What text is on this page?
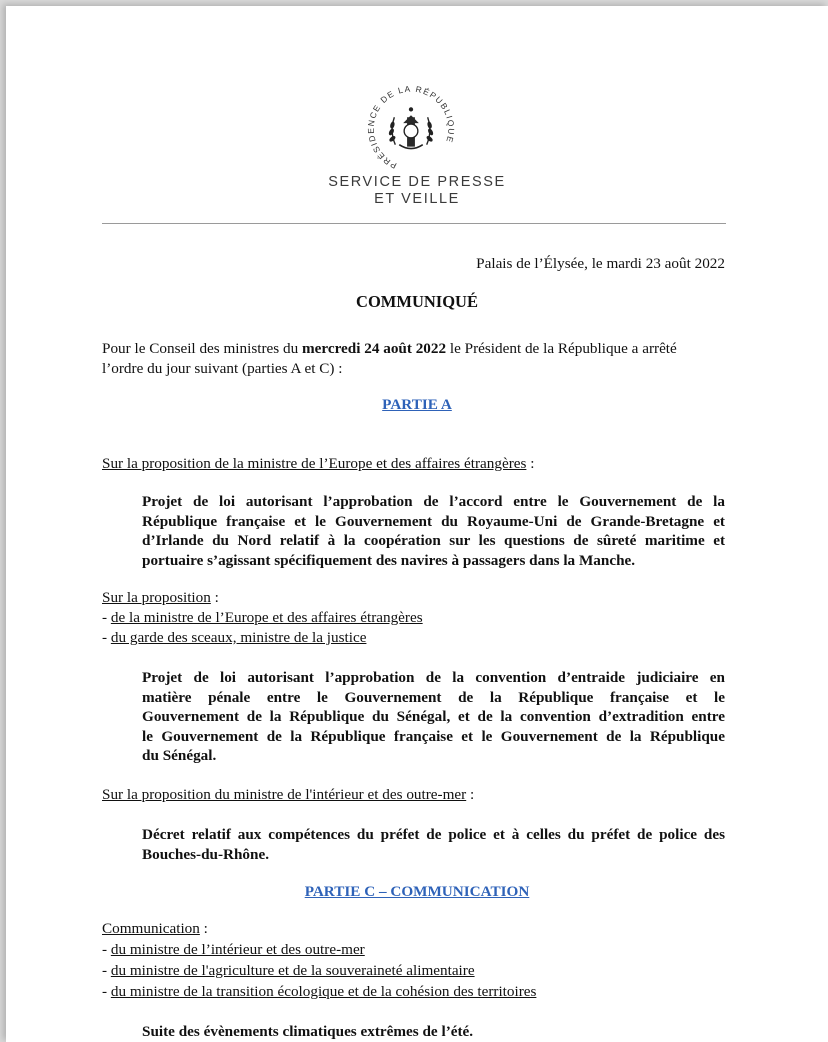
PRÉSIDENCE DE LA RÉPUBLIQUE
SERVICE DE PRESSE
ET VEILLE
Palais de l’Élysée, le mardi 23 août 2022
COMMUNIQUÉ
Pour le Conseil des ministres du mercredi 24 août 2022 le Président de la République a arrêté
l’ordre du jour suivant (parties A et C) :
PARTIE A
Sur la proposition de la ministre de l’Europe et des affaires étrangères :
Projet de loi autorisant l’approbation de l’accord entre le Gouvernement de la
République française et le Gouvernement du Royaume-Uni de Grande-Bretagne et
d’Irlande du Nord relatif à la coopération sur les questions de sûreté maritime et
portuaire s’agissant spécifiquement des navires à passagers dans la Manche.
Sur la proposition :
- de la ministre de l’Europe et des affaires étrangères
- du garde des sceaux, ministre de la justice
Projet de loi autorisant l’approbation de la convention d’entraide judiciaire en
matière pénale entre le Gouvernement de la République française et le
Gouvernement de la République du Sénégal, et de la convention d’extradition entre
le Gouvernement de la République française et le Gouvernement de la République
du Sénégal.
Sur la proposition du ministre de l'intérieur et des outre-mer :
Décret relatif aux compétences du préfet de police et à celles du préfet de police des
Bouches-du-Rhône.
PARTIE C – COMMUNICATION
Communication :
- du ministre de l’intérieur et des outre-mer
- du ministre de l'agriculture et de la souveraineté alimentaire
- du ministre de la transition écologique et de la cohésion des territoires
Suite des évènements climatiques extrêmes de l’été.
